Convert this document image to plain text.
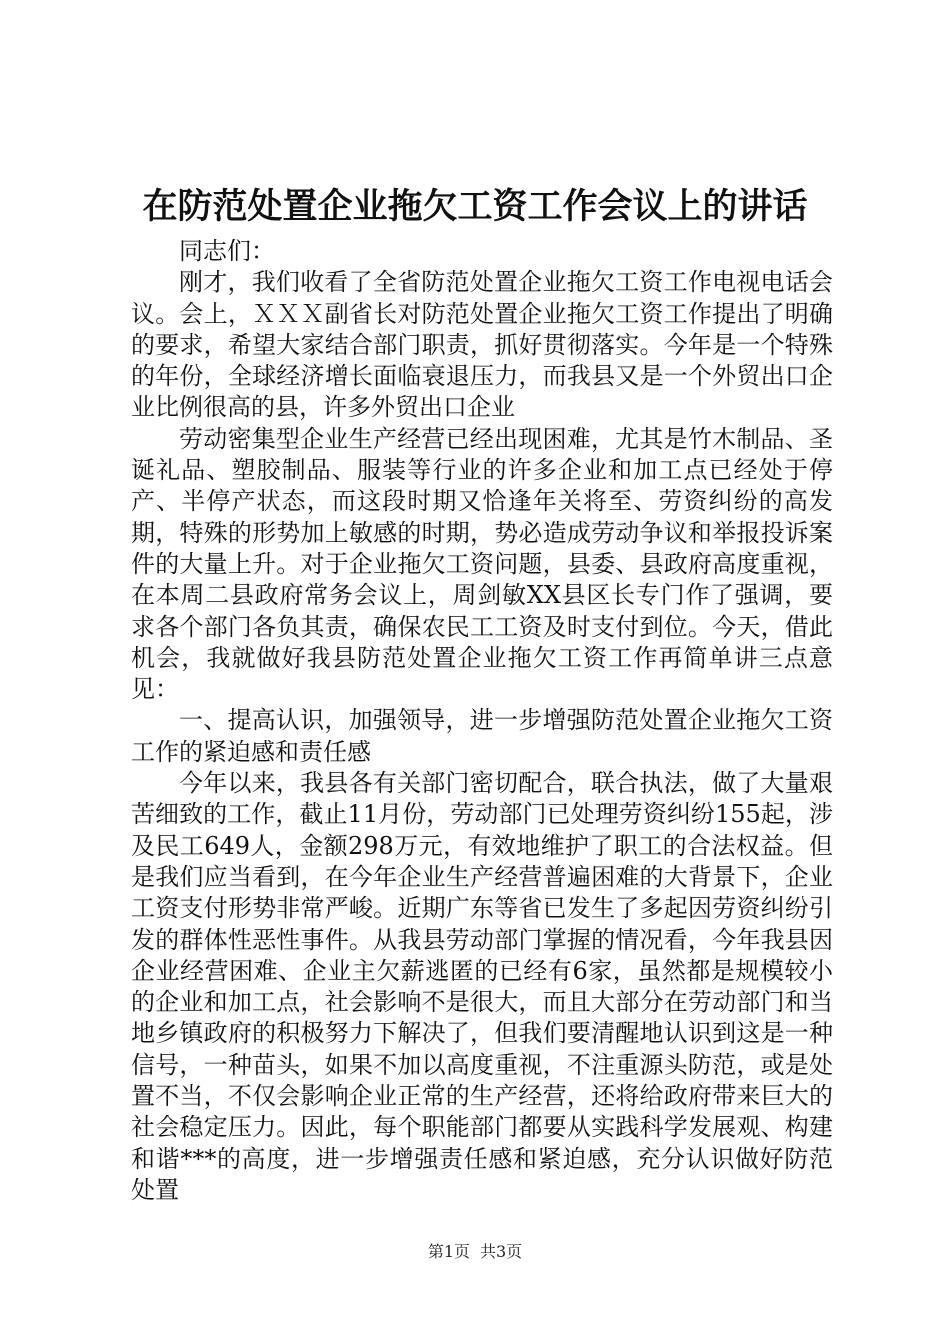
在防范处置企业拖欠工资工作会议上的讲话

同志们：

刚才，我们收看了全省防范处置企业拖欠工资工作电视电话会议。会上，ＸＸＸ副省长对防范处置企业拖欠工资工作提出了明确的要求，希望大家结合部门职责，抓好贯彻落实。今年是一个特殊的年份，全球经济增长面临衰退压力，而我县又是一个外贸出口企业比例很高的县，许多外贸出口企业

劳动密集型企业生产经营已经出现困难，尤其是竹木制品、圣诞礼品、塑胶制品、服装等行业的许多企业和加工点已经处于停产、半停产状态，而这段时期又恰逢年关将至、劳资纠纷的高发期，特殊的形势加上敏感的时期，势必造成劳动争议和举报投诉案件的大量上升。对于企业拖欠工资问题，县委、县政府高度重视，在本周二县政府常务会议上，周剑敏XX县区长专门作了强调，要求各个部门各负其责，确保农民工工资及时支付到位。今天，借此机会，我就做好我县防范处置企业拖欠工资工作再简单讲三点意见：

一、提高认识，加强领导，进一步增强防范处置企业拖欠工资工作的紧迫感和责任感

今年以来，我县各有关部门密切配合，联合执法，做了大量艰苦细致的工作，截止11月份，劳动部门已处理劳资纠纷155起，涉及民工649人，金额298万元，有效地维护了职工的合法权益。但是我们应当看到，在今年企业生产经营普遍困难的大背景下，企业工资支付形势非常严峻。近期广东等省已发生了多起因劳资纠纷引发的群体性恶性事件。从我县劳动部门掌握的情况看，今年我县因企业经营困难、企业主欠薪逃匿的已经有6家，虽然都是规模较小的企业和加工点，社会影响不是很大，而且大部分在劳动部门和当地乡镇政府的积极努力下解决了，但我们要清醒地认识到这是一种信号，一种苗头，如果不加以高度重视，不注重源头防范，或是处置不当，不仅会影响企业正常的生产经营，还将给政府带来巨大的社会稳定压力。因此，每个职能部门都要从实践科学发展观、构建和谐***的高度，进一步增强责任感和紧迫感，充分认识做好防范处置

第1页 共3页
